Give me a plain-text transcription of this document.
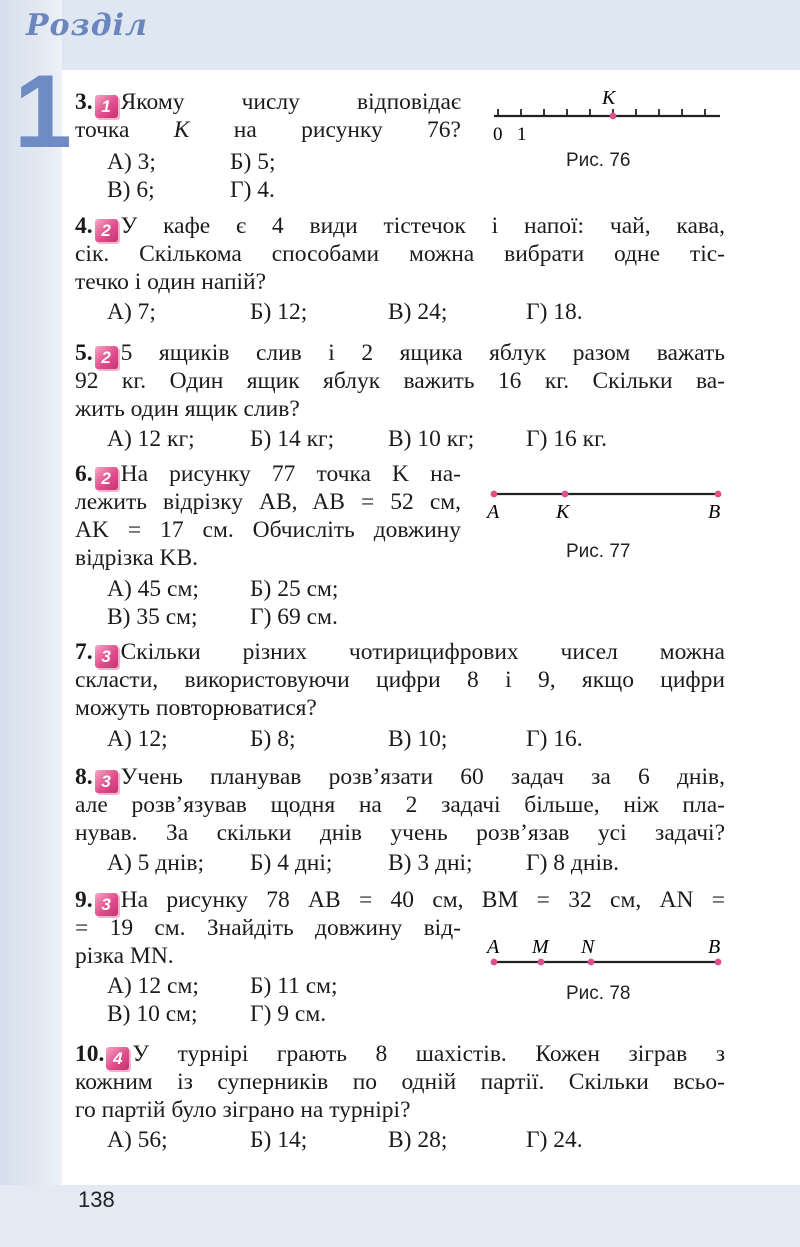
Розділ
1 3. 1 Якому числу відповідає
точка K на рисунку 76?
А) 3;	Б) 5;
В) 6;	Г) 4.
K
0 1
Рис. 76
4. 2 У кафе є 4 види тістечок і напої: чай, кава,
сік. Скількома способами можна вибрати одне тіс-
течко і один напій?
А) 7;	Б) 12;	В) 24;	Г) 18.
5. 2 5 ящиків слив і 2 ящика яблук разом важать
92 кг. Один ящик яблук важить 16 кг. Скільки ва-
жить один ящик слив?
А) 12 кг; Б) 14 кг; В) 10 кг; Г) 16 кг.
6. 2 На рисунку 77 точка K на-
лежить відрізку AB, AB = 52 см,
AK = 17 см. Обчисліть довжину
відрізка KB.
А) 45 см; Б) 25 см;
В) 35 см; Г) 69 см.
A	K	B
Рис. 77
7. 3 Скільки різних чотирицифрових чисел можна
скласти, використовуючи цифри 8 і 9, якщо цифри
можуть повторюватися?
А) 12;	Б) 8;	В) 10;	Г) 16.
8. 3 Учень планував розв’язати 60 задач за 6 днів,
але розв’язував щодня на 2 задачі більше, ніж пла-
нував. За скільки днів учень розв’язав усі задачі?
А) 5 днів; Б) 4 дні; В) 3 дні; Г) 8 днів.
9. 3 На рисунку 78 AB = 40 см, BM = 32 см, AN =
= 19 см. Знайдіть довжину від-
різка MN.
А) 12 см; Б) 11 см;
В) 10 см; Г) 9 см.
A M N	B
Рис. 78
10. 4 У турнірі грають 8 шахістів. Кожен зіграв з
кожним із суперників по одній партії. Скільки всьо-
го партій було зіграно на турнірі?
А) 56;	Б) 14;	В) 28;	Г) 24.
138
